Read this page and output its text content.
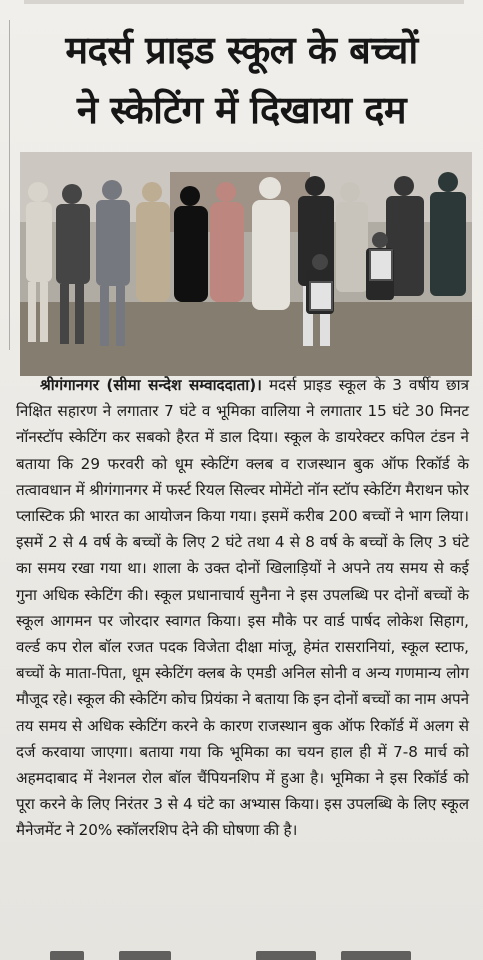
मदर्स प्राइड स्कूल के बच्चों
ने स्केटिंग में दिखाया दम
श्रीगंगानगर (सीमा सन्देश सम्वाददाता)। मदर्स प्राइड स्कूल के 3 वर्षीय छात्र निक्षित सहारण ने लगातार 7 घंटे व भूमिका वालिया ने लगातार 15 घंटे 30 मिनट नॉनस्टॉप स्केटिंग कर सबको हैरत में डाल दिया। स्कूल के डायरेक्टर कपिल टंडन ने बताया कि 29 फरवरी को धूम स्केटिंग क्लब व राजस्थान बुक ऑफ रिकॉर्ड के तत्वावधान में श्रीगंगानगर में फर्स्ट रियल सिल्वर मोमेंटो नॉन स्टॉप स्केटिंग मैराथन फोर प्लास्टिक फ्री भारत का आयोजन किया गया। इसमें करीब 200 बच्चों ने भाग लिया। इसमें 2 से 4 वर्ष के बच्चों के लिए 2 घंटे तथा 4 से 8 वर्ष के बच्चों के लिए 3 घंटे का समय रखा गया था। शाला के उक्त दोनों खिलाड़ियों ने अपने तय समय से कई गुना अधिक स्केटिंग की। स्कूल प्रधानाचार्य सुनैना ने इस उपलब्धि पर दोनों बच्चों के स्कूल आगमन पर जोरदार स्वागत किया। इस मौके पर वार्ड पार्षद लोकेश सिहाग, वर्ल्ड कप रोल बॉल रजत पदक विजेता दीक्षा मांजू, हेमंत रासरानियां, स्कूल स्टाफ, बच्चों के माता-पिता, धूम स्केटिंग क्लब के एमडी अनिल सोनी व अन्य गणमान्य लोग मौजूद रहे। स्कूल की स्केटिंग कोच प्रियंका ने बताया कि इन दोनों बच्चों का नाम अपने तय समय से अधिक स्केटिंग करने के कारण राजस्थान बुक ऑफ रिकॉर्ड में अलग से दर्ज करवाया जाएगा। बताया गया कि भूमिका का चयन हाल ही में 7-8 मार्च को अहमदाबाद में नेशनल रोल बॉल चैंपियनशिप में हुआ है। भूमिका ने इस रिकॉर्ड को पूरा करने के लिए निरंतर 3 से 4 घंटे का अभ्यास किया। इस उपलब्धि के लिए स्कूल मैनेजमेंट ने 20% स्कॉलरशिप देने की घोषणा की है।
